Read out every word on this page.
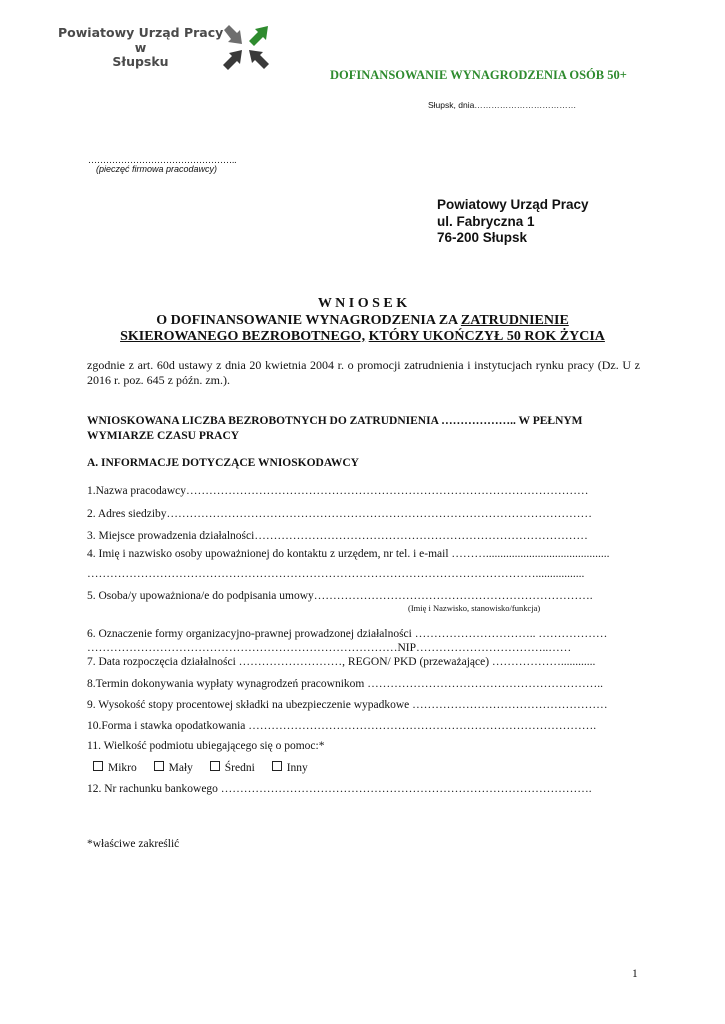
Powiatowy Urząd Pracy
w
Słupsku
DOFINANSOWANIE WYNAGRODZENIA OSÓB 50+
Słupsk, dnia………………………………
…………………………………………..
(pieczęć firmowa pracodawcy)
Powiatowy Urząd Pracy
ul. Fabryczna 1
76-200 Słupsk
W N I O S E K
O DOFINANSOWANIE WYNAGRODZENIA ZA ZATRUDNIENIE
SKIEROWANEGO BEZROBOTNEGO, KTÓRY UKOŃCZYŁ 50 ROK ŻYCIA
zgodnie z art. 60d ustawy z dnia 20 kwietnia 2004 r. o promocji zatrudnienia i instytucjach rynku pracy (Dz. U z 2016 r. poz. 645 z późn. zm.).
WNIOSKOWANA LICZBA BEZROBOTNYCH DO ZATRUDNIENIA ……………….. W PEŁNYM
WYMIARZE CZASU PRACY
A. INFORMACJE DOTYCZĄCE WNIOSKODAWCY
1.Nazwa pracodawcy……………………………………………………………………………………………
2. Adres siedziby…………………………………………………………………………………………………
3. Miejsce prowadzenia działalności……………………………………………………………………………
4. Imię i nazwisko osoby upoważnionej do kontaktu z urzędem, nr tel. i e-mail ………...........................................
……………………………………………………………………………………………………….................
5. Osoba/y upoważniona/e do podpisania umowy……………………………………………………………….
(Imię i Nazwisko, stanowisko/funkcja)
6. Oznaczenie formy organizacyjno-prawnej prowadzonej działalności ………………………….. ………………
………………………………………………………………………NIP……………………………..……
7. Data rozpoczęcia działalności ………………………, REGON/ PKD (przeważające) ………………............
8.Termin dokonywania wypłaty wynagrodzeń pracownikom ……………………………………………………..
9. Wysokość stopy procentowej składki na ubezpieczenie wypadkowe ……………………………………………
10.Forma i stawka opodatkowania ……………………………………………………………………………….
11. Wielkość podmiotu ubiegającego się o pomoc:*
Mikro	Mały	Średni	Inny
12. Nr rachunku bankowego …………………………………………………………………………………….
*właściwe zakreślić
1
